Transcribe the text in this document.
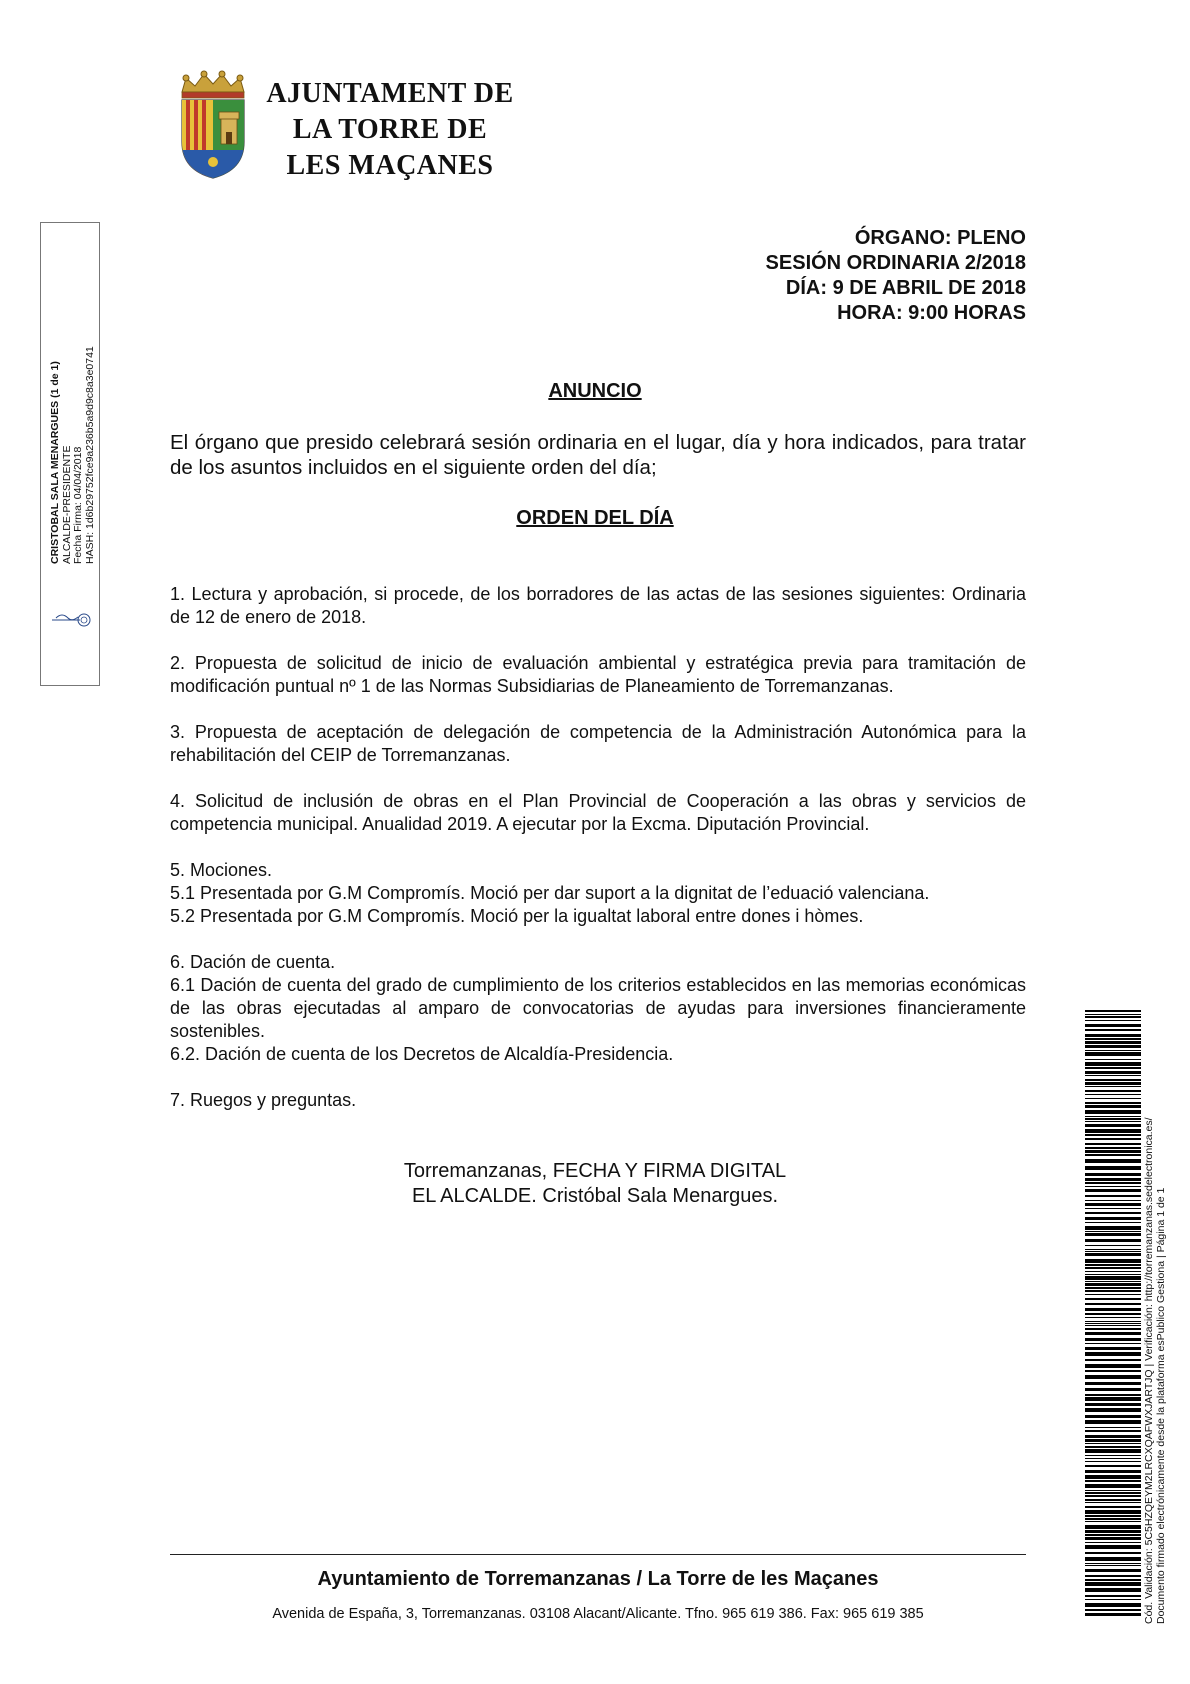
AJUNTAMENT DE
LA TORRE DE
LES MAÇANES
ÓRGANO: PLENO
SESIÓN ORDINARIA 2/2018
DÍA: 9 DE ABRIL DE 2018
HORA: 9:00 HORAS
ANUNCIO
El órgano que presido celebrará sesión ordinaria en el lugar, día y hora indicados, para tratar de los asuntos incluidos en el siguiente orden del día;
ORDEN DEL DÍA

1. Lectura y aprobación, si procede, de los borradores de las actas de las sesiones siguientes: Ordinaria de 12 de enero de 2018.

2. Propuesta de solicitud de inicio de evaluación ambiental y estratégica previa para tramitación de modificación puntual nº 1 de las Normas Subsidiarias de Planeamiento de Torremanzanas.

3. Propuesta de aceptación de delegación de competencia de la Administración Autonómica para la rehabilitación del CEIP de Torremanzanas.

4. Solicitud de inclusión de obras en el Plan Provincial de Cooperación a las obras y servicios de competencia municipal. Anualidad 2019. A ejecutar por la Excma. Diputación Provincial.

5. Mociones.

5.1 Presentada por G.M Compromís. Moció per dar suport a la dignitat de l’eduació valenciana.

5.2 Presentada por G.M Compromís. Moció per la igualtat laboral entre dones i hòmes.

6. Dación de cuenta.

6.1 Dación de cuenta del grado de cumplimiento de los criterios establecidos en las memorias económicas de las obras ejecutadas al amparo de convocatorias de ayudas para inversiones financieramente sostenibles.

6.2. Dación de cuenta de los Decretos de Alcaldía-Presidencia.

7. Ruegos y preguntas.

Torremanzanas, FECHA Y FIRMA DIGITAL
EL ALCALDE. Cristóbal Sala Menargues.
CRISTOBAL SALA MENARGUES (1 de 1) ALCALDE-PRESIDENTE Fecha Firma: 04/04/2018 HASH: 1d6b29752fce9a236b5a9d9c8a3e0741
Cód. Validación: 5C5HZQEYM2LRCXQAFWXJARTJQ | Verificación: http://torremanzanas.sedelectronica.es/ Documento firmado electrónicamente desde la plataforma esPublico Gestiona | Página 1 de 1
Ayuntamiento de Torremanzanas / La Torre de les Maçanes
Avenida de España, 3, Torremanzanas. 03108 Alacant/Alicante. Tfno. 965 619 386. Fax: 965 619 385
